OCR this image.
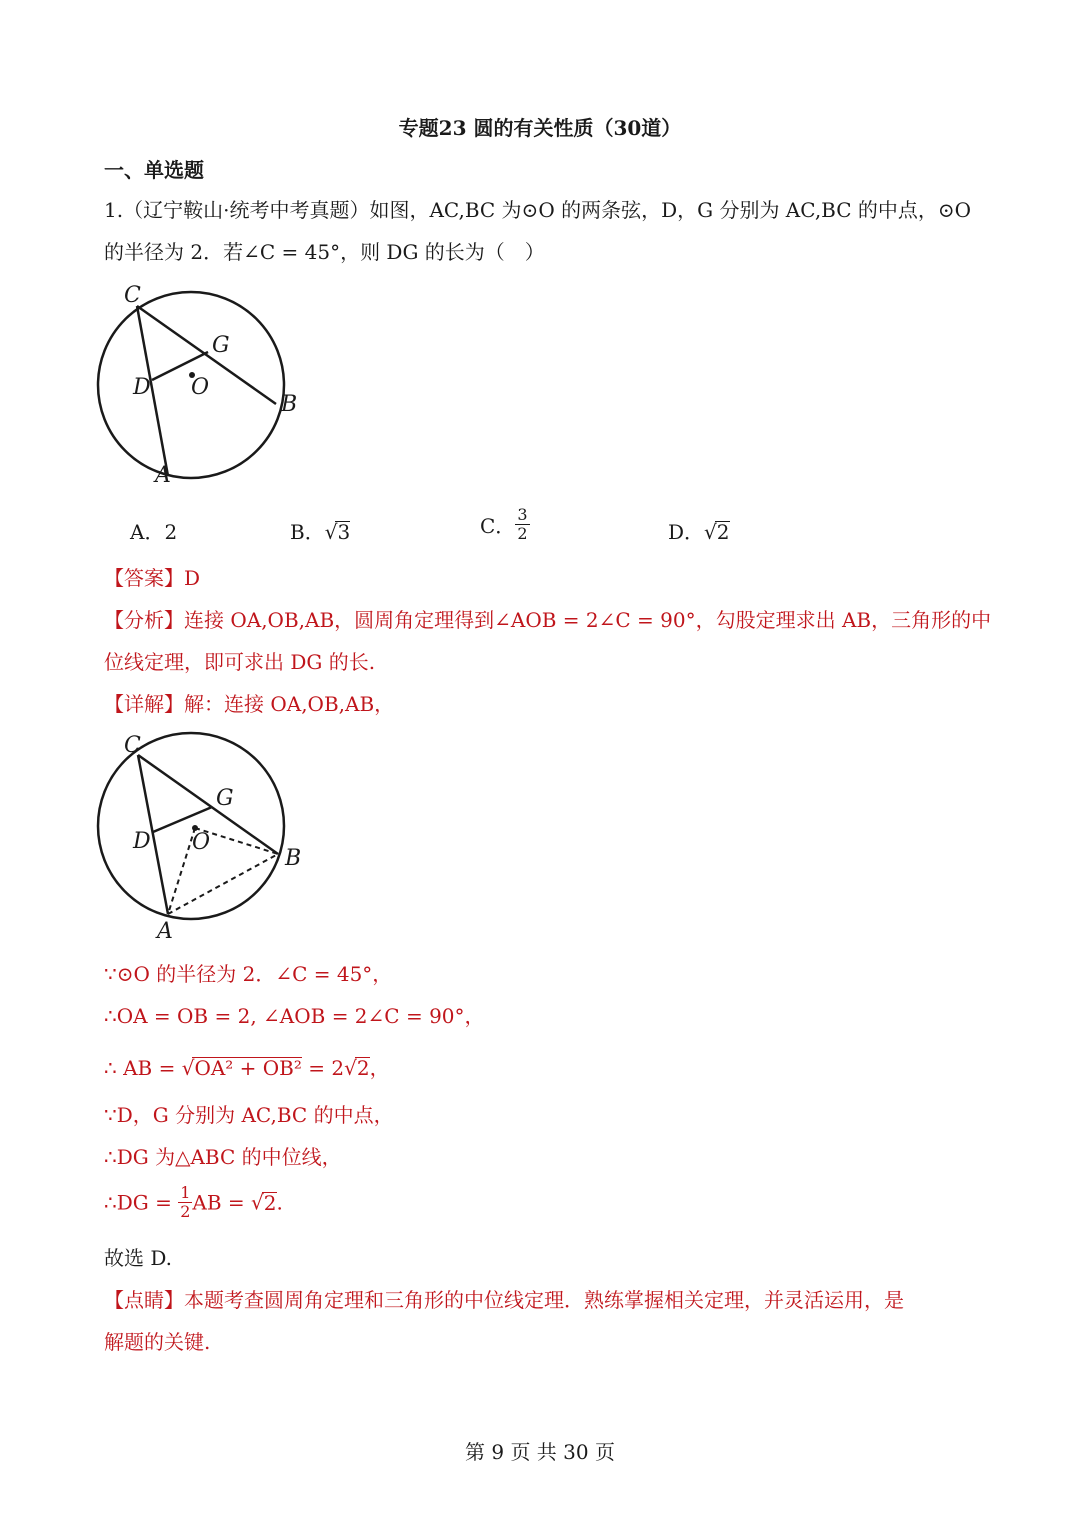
专题23 圆的有关性质（30道）
一、单选题
1.（辽宁鞍山·统考中考真题）如图，AC,BC 为⊙O 的两条弦，D，G 分别为 AC,BC 的中点，⊙O
的半径为 2．若∠C = 45°，则 DG 的长为（　）
C
G
D O
B
A
A．2	B．√3	C． $\frac{3}{2}$	D．√2
【答案】D
【分析】连接 OA,OB,AB，圆周角定理得到∠AOB = 2∠C = 90°，勾股定理求出 AB，三角形的中
位线定理，即可求出 DG 的长.
【详解】解：连接 OA,OB,AB，
C
G
D O
B
A
∵⊙O 的半径为 2．∠C = 45°，
∴OA = OB = 2, ∠AOB = 2∠C = 90°，
∴ AB = √OA² + OB² = 2√2，
∵D，G 分别为 AC,BC 的中点，
∴DG 为△ABC 的中位线，
∴DG = $\frac{1}{2}$ AB = √2.
故选 D.
【点睛】本题考查圆周角定理和三角形的中位线定理．熟练掌握相关定理，并灵活运用，是
解题的关键.
第 9 页 共 30 页
